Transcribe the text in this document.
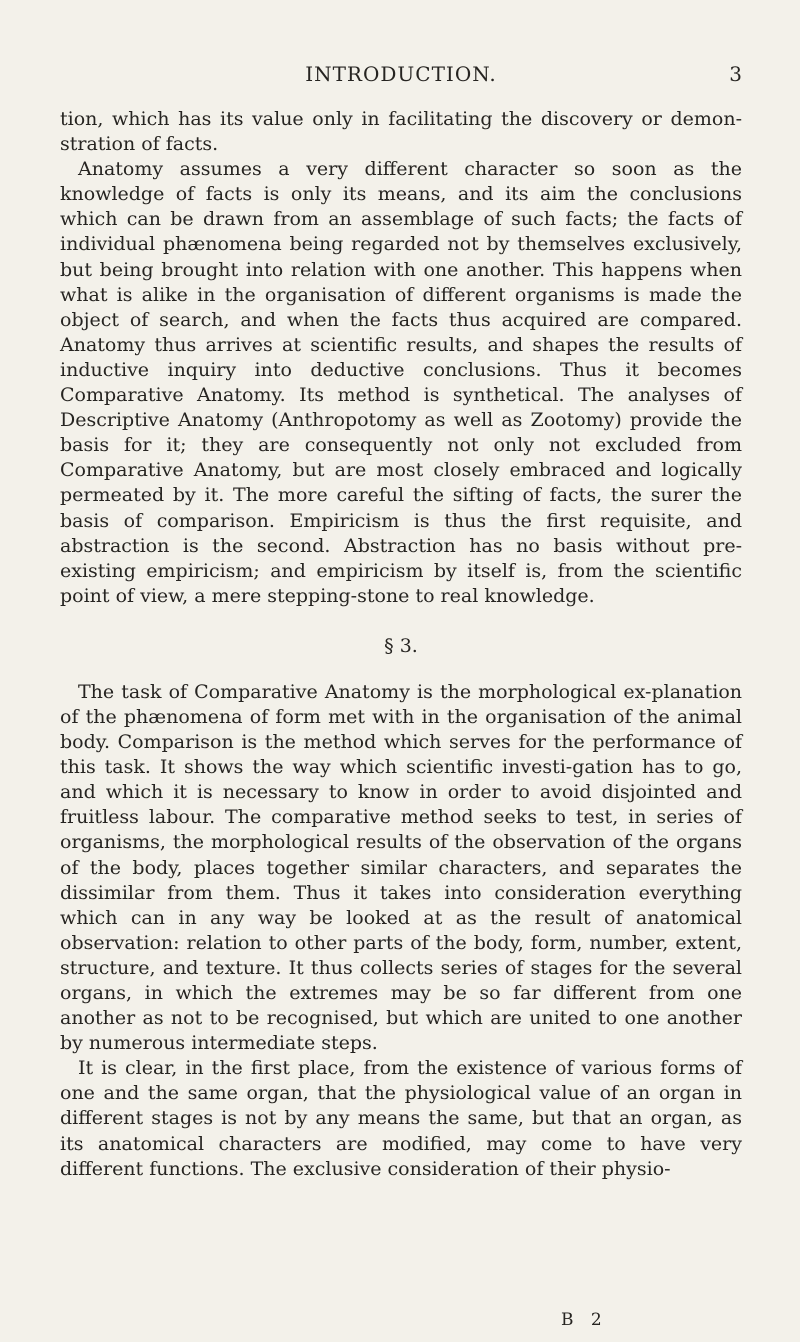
INTRODUCTION.	3

tion, which has its value only in facilitating the discovery or demon-stration of facts.

Anatomy assumes a very different character so soon as the knowledge of facts is only its means, and its aim the conclusions which can be drawn from an assemblage of such facts; the facts of individual phænomena being regarded not by themselves exclusively, but being brought into relation with one another. This happens when what is alike in the organisation of different organisms is made the object of search, and when the facts thus acquired are compared. Anatomy thus arrives at scientific results, and shapes the results of inductive inquiry into deductive conclusions. Thus it becomes Comparative Anatomy. Its method is synthetical. The analyses of Descriptive Anatomy (Anthropotomy as well as Zootomy) provide the basis for it; they are consequently not only not excluded from Comparative Anatomy, but are most closely embraced and logically permeated by it. The more careful the sifting of facts, the surer the basis of comparison. Empiricism is thus the first requisite, and abstraction is the second. Abstraction has no basis without pre-existing empiricism; and empiricism by itself is, from the scientific point of view, a mere stepping-stone to real knowledge.

§ 3.

The task of Comparative Anatomy is the morphological ex-planation of the phænomena of form met with in the organisation of the animal body. Comparison is the method which serves for the performance of this task. It shows the way which scientific investi-gation has to go, and which it is necessary to know in order to avoid disjointed and fruitless labour. The comparative method seeks to test, in series of organisms, the morphological results of the observation of the organs of the body, places together similar characters, and separates the dissimilar from them. Thus it takes into consideration everything which can in any way be looked at as the result of anatomical observation: relation to other parts of the body, form, number, extent, structure, and texture. It thus collects series of stages for the several organs, in which the extremes may be so far different from one another as not to be recognised, but which are united to one another by numerous intermediate steps.

It is clear, in the first place, from the existence of various forms of one and the same organ, that the physiological value of an organ in different stages is not by any means the same, but that an organ, as its anatomical characters are modified, may come to have very different functions. The exclusive consideration of their physio-

B 2
